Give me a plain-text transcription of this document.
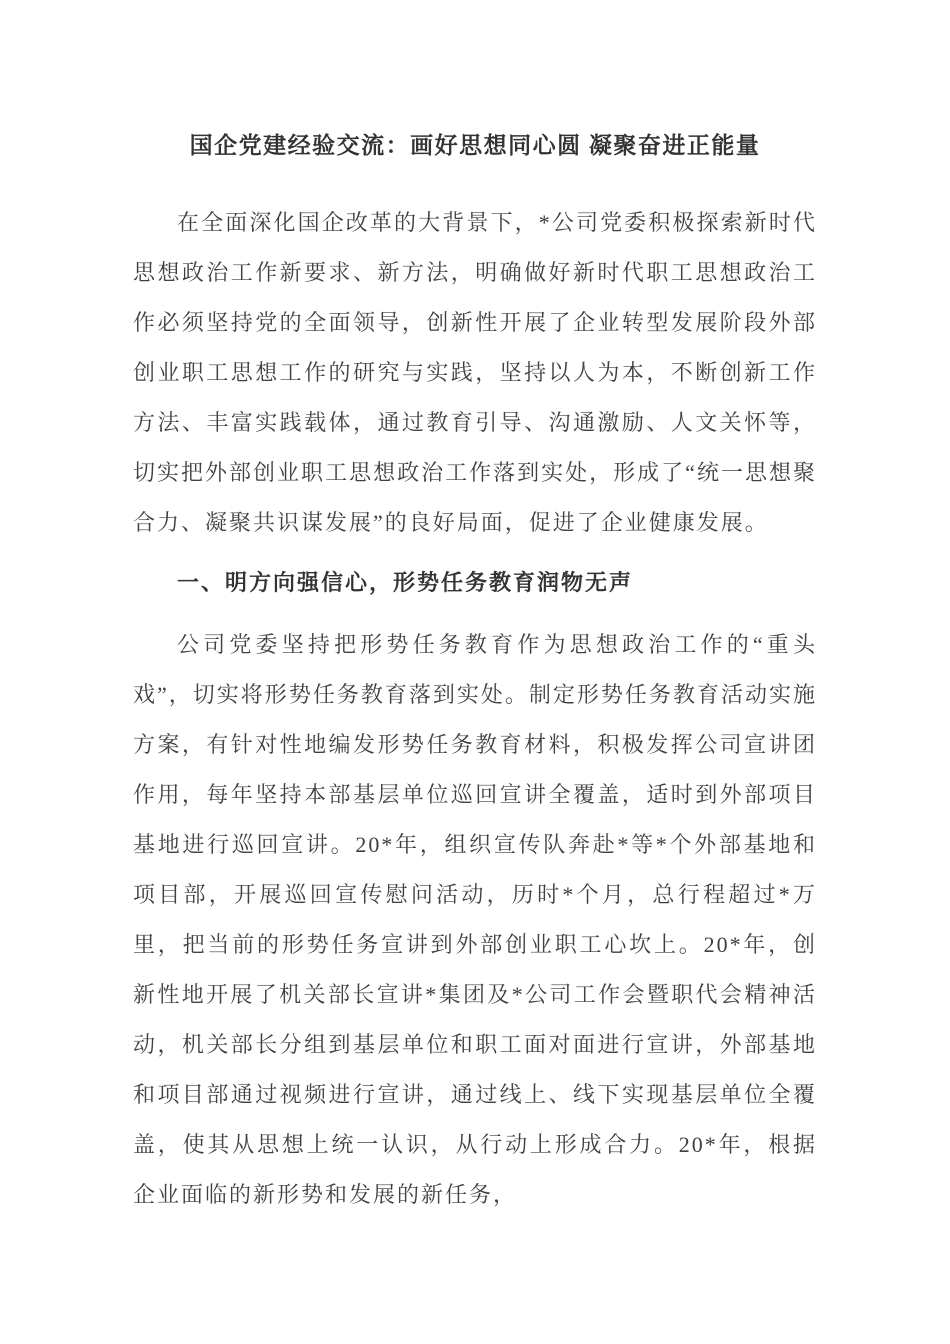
国企党建经验交流：画好思想同心圆 凝聚奋进正能量

在全面深化国企改革的大背景下，*公司党委积极探索新时代思想政治工作新要求、新方法，明确做好新时代职工思想政治工作必须坚持党的全面领导，创新性开展了企业转型发展阶段外部创业职工思想工作的研究与实践，坚持以人为本，不断创新工作方法、丰富实践载体，通过教育引导、沟通激励、人文关怀等，切实把外部创业职工思想政治工作落到实处，形成了“统一思想聚合力、凝聚共识谋发展”的良好局面，促进了企业健康发展。

一、明方向强信心，形势任务教育润物无声

公司党委坚持把形势任务教育作为思想政治工作的“重头戏”，切实将形势任务教育落到实处。制定形势任务教育活动实施方案，有针对性地编发形势任务教育材料，积极发挥公司宣讲团作用，每年坚持本部基层单位巡回宣讲全覆盖，适时到外部项目基地进行巡回宣讲。20*年，组织宣传队奔赴*等*个外部基地和项目部，开展巡回宣传慰问活动，历时*个月，总行程超过*万里，把当前的形势任务宣讲到外部创业职工心坎上。20*年，创新性地开展了机关部长宣讲*集团及*公司工作会暨职代会精神活动，机关部长分组到基层单位和职工面对面进行宣讲，外部基地和项目部通过视频进行宣讲，通过线上、线下实现基层单位全覆盖，使其从思想上统一认识，从行动上形成合力。20*年，根据企业面临的新形势和发展的新任务，
